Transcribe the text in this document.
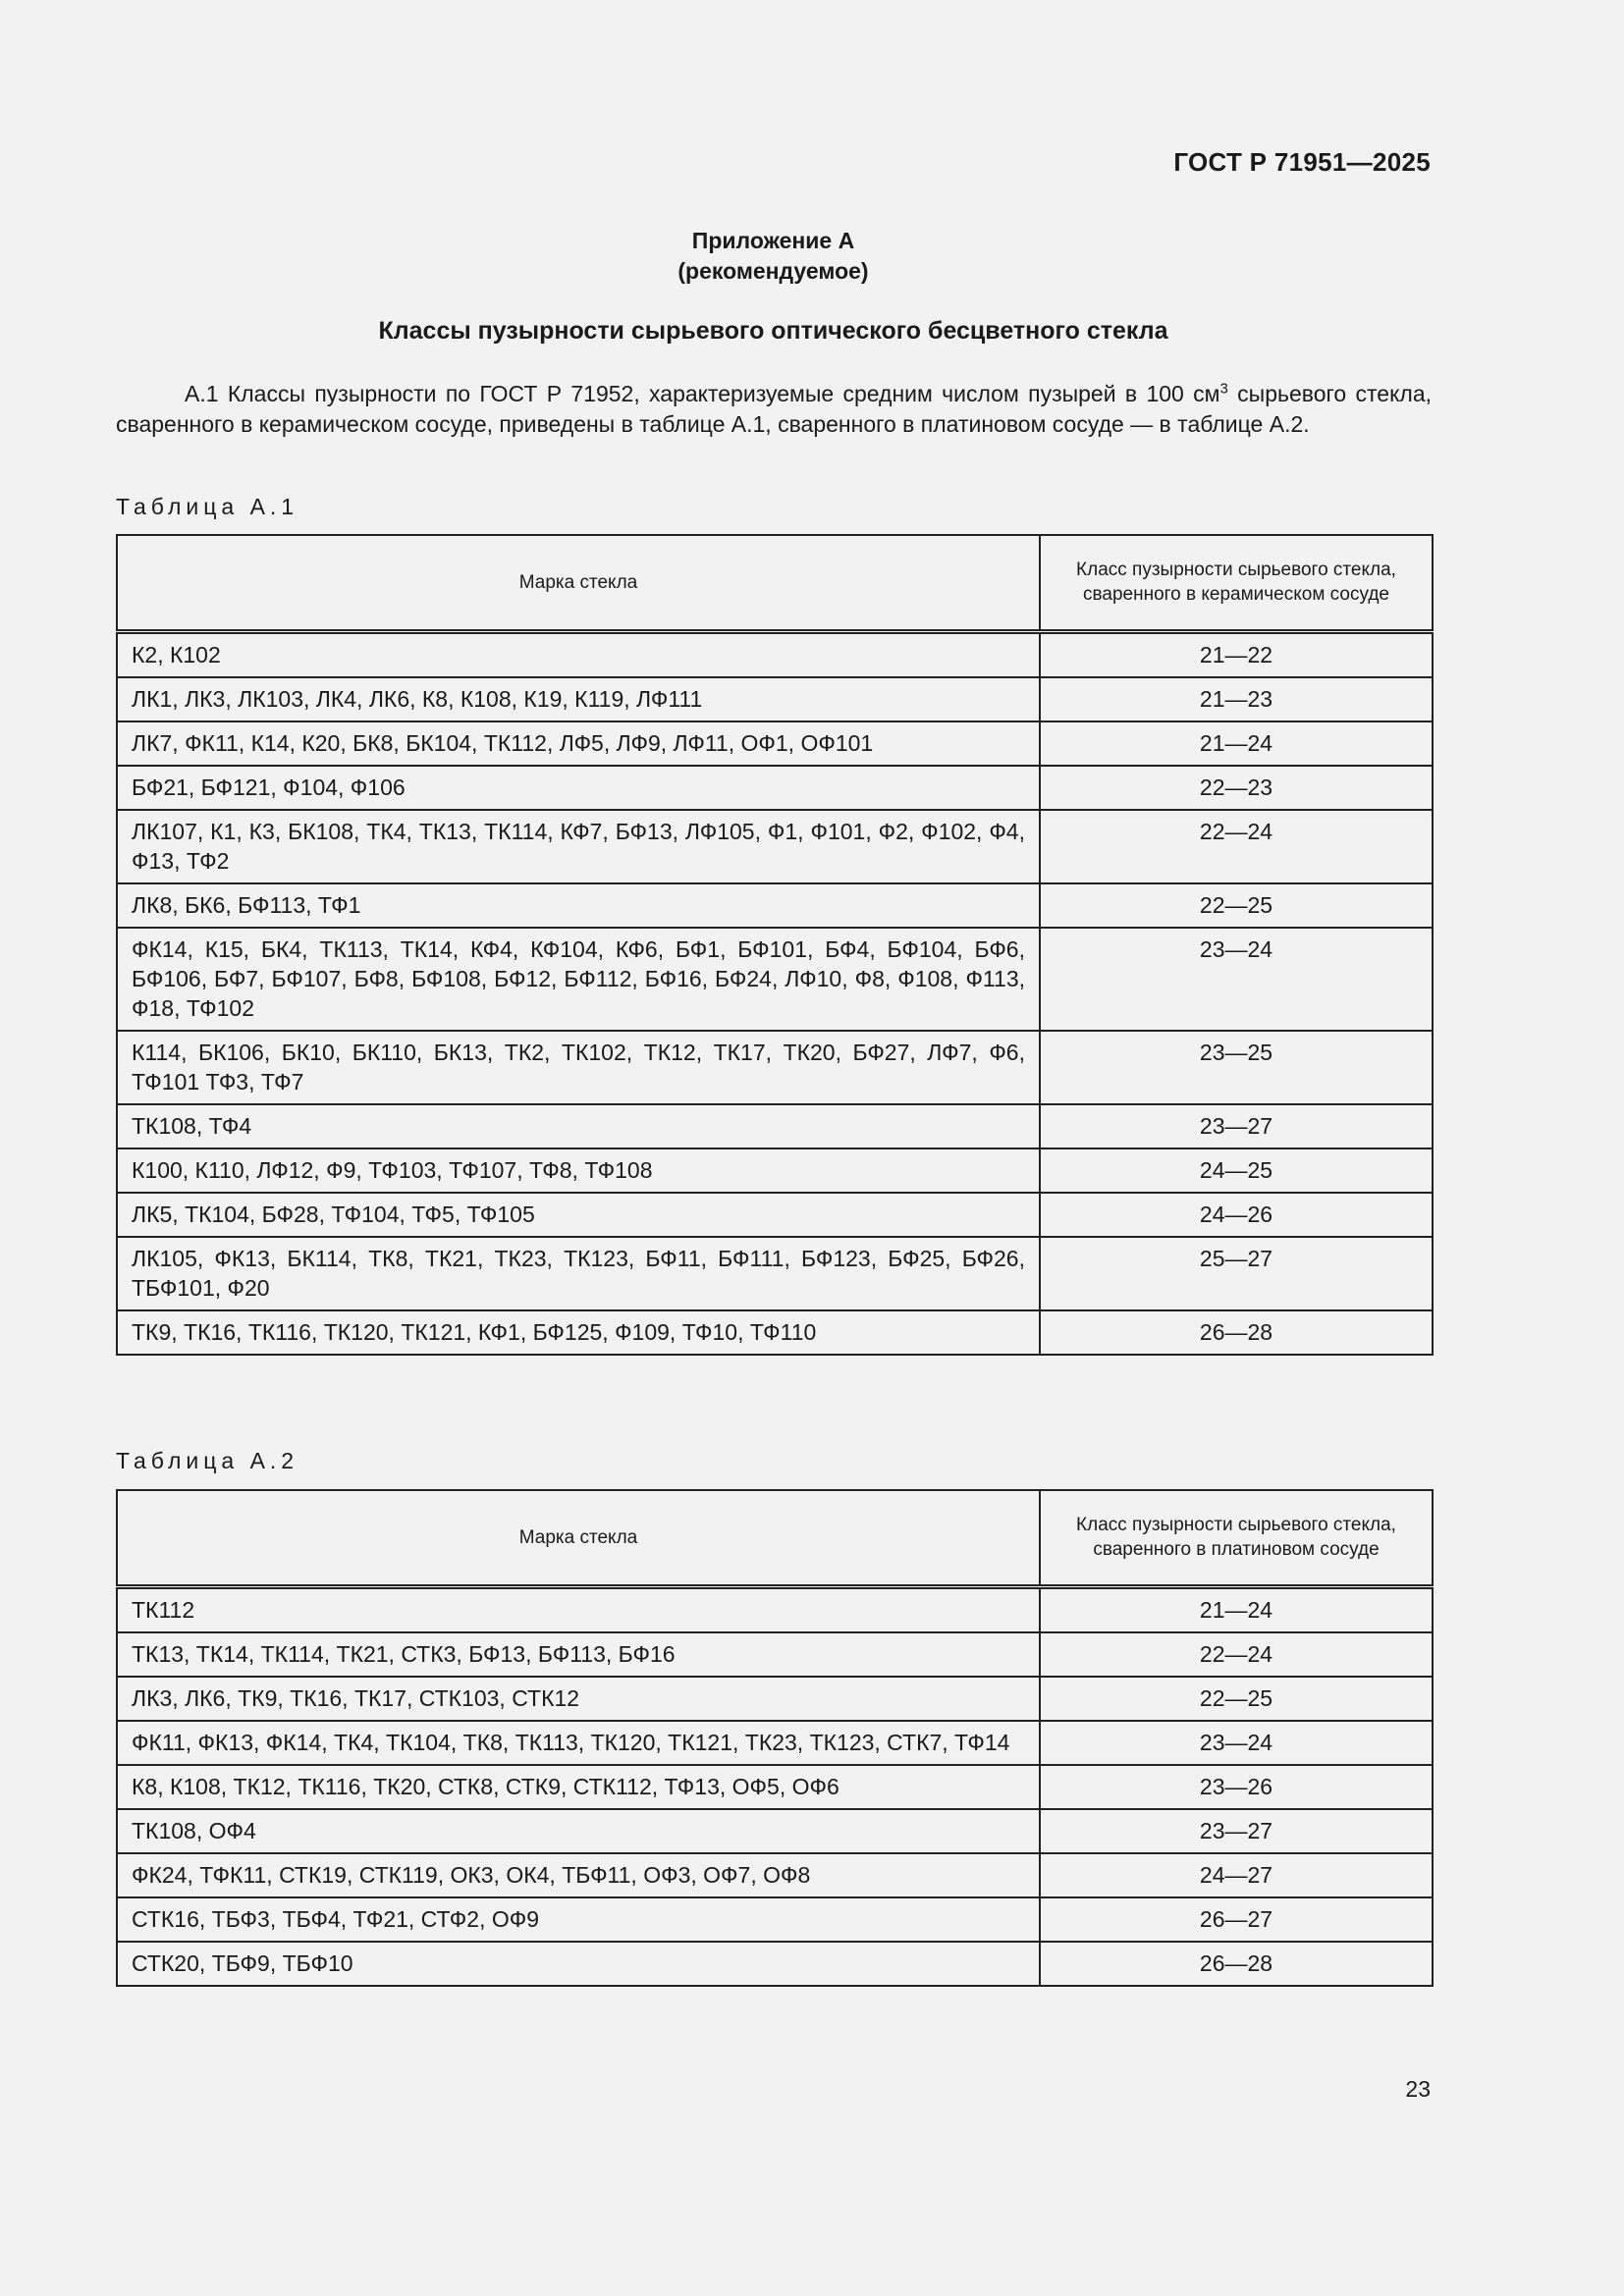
ГОСТ Р 71951—2025
Приложение А
(рекомендуемое)
Классы пузырности сырьевого оптического бесцветного стекла
А.1 Классы пузырности по ГОСТ Р 71952, характеризуемые средним числом пузырей в 100 $см^3$ сырьевого стекла, сваренного в керамическом сосуде, приведены в таблице А.1, сваренного в платиновом сосуде — в таблице А.2.
Таблица А.1
Марка стекла	Класс пузырности сырьевого стекла, сваренного в керамическом сосуде
К2, К102	21—22
ЛК1, ЛК3, ЛК103, ЛК4, ЛК6, К8, К108, К19, К119, ЛФ111	21—23
ЛК7, ФК11, К14, К20, БК8, БК104, ТК112, ЛФ5, ЛФ9, ЛФ11, ОФ1, ОФ101	21—24
БФ21, БФ121, Ф104, Ф106	22—23
ЛК107, К1, К3, БК108, ТК4, ТК13, ТК114, КФ7, БФ13, ЛФ105, Ф1, Ф101, Ф2, Ф102, Ф4, Ф13, ТФ2	22—24
ЛК8, БК6, БФ113, ТФ1	22—25
ФК14, К15, БК4, ТК113, ТК14, КФ4, КФ104, КФ6, БФ1, БФ101, БФ4, БФ104, БФ6, БФ106, БФ7, БФ107, БФ8, БФ108, БФ12, БФ112, БФ16, БФ24, ЛФ10, Ф8, Ф108, Ф113, Ф18, ТФ102	23—24
К114, БК106, БК10, БК110, БК13, ТК2, ТК102, ТК12, ТК17, ТК20, БФ27, ЛФ7, Ф6, ТФ101 ТФ3, ТФ7	23—25
ТК108, ТФ4	23—27
К100, К110, ЛФ12, Ф9, ТФ103, ТФ107, ТФ8, ТФ108	24—25
ЛК5, ТК104, БФ28, ТФ104, ТФ5, ТФ105	24—26
ЛК105, ФК13, БК114, ТК8, ТК21, ТК23, ТК123, БФ11, БФ111, БФ123, БФ25, БФ26, ТБФ101, Ф20	25—27
ТК9, ТК16, ТК116, ТК120, ТК121, КФ1, БФ125, Ф109, ТФ10, ТФ110	26—28
Таблица А.2
Марка стекла	Класс пузырности сырьевого стекла, сваренного в платиновом сосуде
ТК112	21—24
ТК13, ТК14, ТК114, ТК21, СТК3, БФ13, БФ113, БФ16	22—24
ЛК3, ЛК6, ТК9, ТК16, ТК17, СТК103, СТК12	22—25
ФК11, ФК13, ФК14, ТК4, ТК104, ТК8, ТК113, ТК120, ТК121, ТК23, ТК123, СТК7, ТФ14	23—24
К8, К108, ТК12, ТК116, ТК20, СТК8, СТК9, СТК112, ТФ13, ОФ5, ОФ6	23—26
ТК108, ОФ4	23—27
ФК24, ТФК11, СТК19, СТК119, ОК3, ОК4, ТБФ11, ОФ3, ОФ7, ОФ8	24—27
СТК16, ТБФ3, ТБФ4, ТФ21, СТФ2, ОФ9	26—27
СТК20, ТБФ9, ТБФ10	26—28
23
